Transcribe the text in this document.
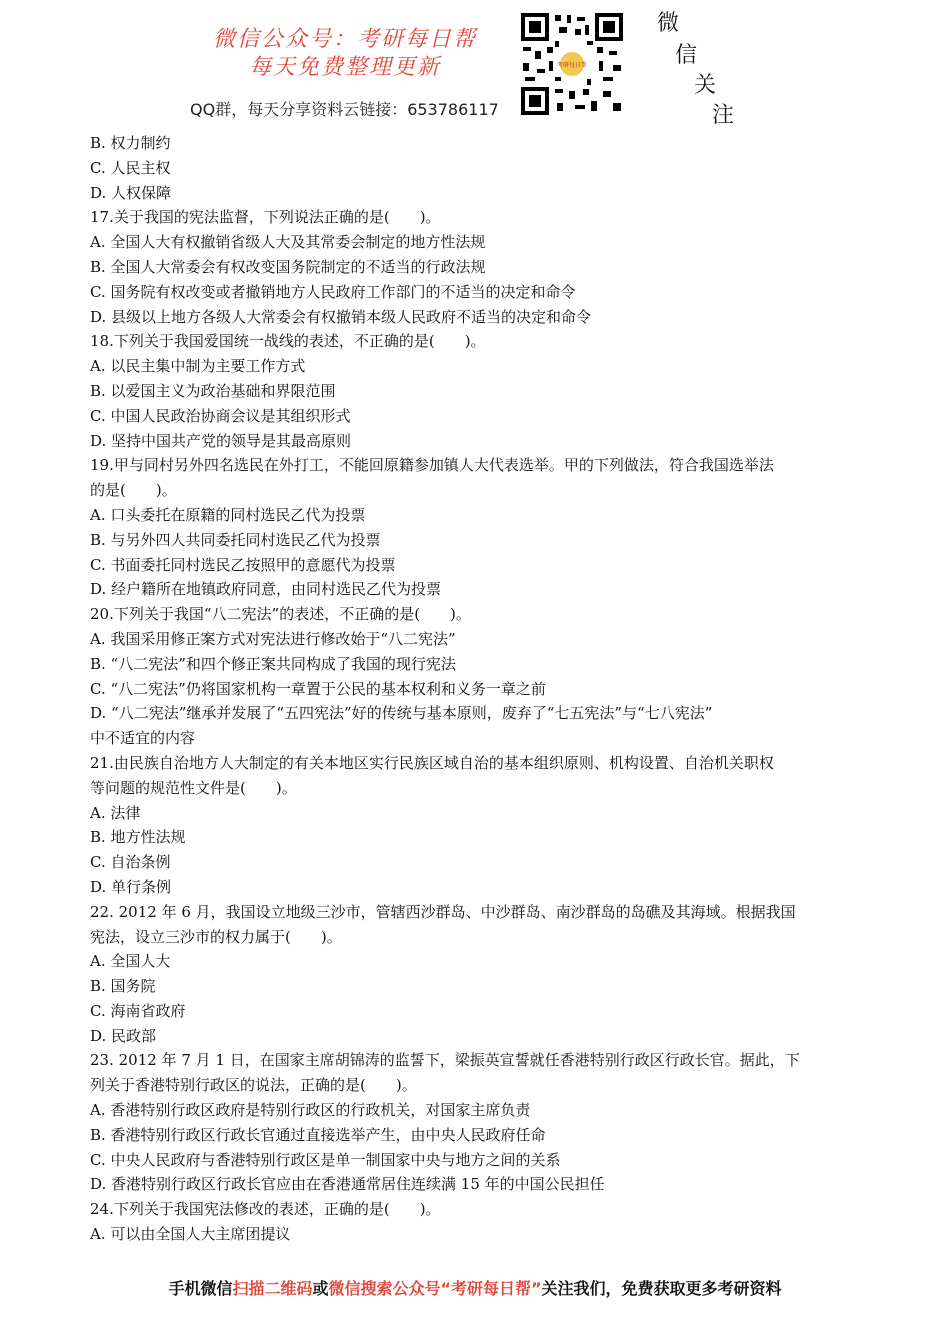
微信公众号：考研每日帮
每天免费整理更新
QQ群，每天分享资料云链接：653786117
考研每日帮
微
信
关
注
B. 权力制约
C. 人民主权
D. 人权保障
17.关于我国的宪法监督，下列说法正确的是(　　)。
A. 全国人大有权撤销省级人大及其常委会制定的地方性法规
B. 全国人大常委会有权改变国务院制定的不适当的行政法规
C. 国务院有权改变或者撤销地方人民政府工作部门的不适当的决定和命令
D. 县级以上地方各级人大常委会有权撤销本级人民政府不适当的决定和命令
18.下列关于我国爱国统一战线的表述，不正确的是(　　)。
A. 以民主集中制为主要工作方式
B. 以爱国主义为政治基础和界限范围
C. 中国人民政治协商会议是其组织形式
D. 坚持中国共产党的领导是其最高原则
19.甲与同村另外四名选民在外打工，不能回原籍参加镇人大代表选举。甲的下列做法，符合我国选举法
的是(　　)。
A. 口头委托在原籍的同村选民乙代为投票
B. 与另外四人共同委托同村选民乙代为投票
C. 书面委托同村选民乙按照甲的意愿代为投票
D. 经户籍所在地镇政府同意，由同村选民乙代为投票
20.下列关于我国“八二宪法”的表述，不正确的是(　　)。
A. 我国采用修正案方式对宪法进行修改始于“八二宪法”
B. “八二宪法”和四个修正案共同构成了我国的现行宪法
C. “八二宪法”仍将国家机构一章置于公民的基本权利和义务一章之前
D. “八二宪法”继承并发展了“五四宪法”好的传统与基本原则，废弃了“七五宪法”与“七八宪法”
中不适宜的内容
21.由民族自治地方人大制定的有关本地区实行民族区域自治的基本组织原则、机构设置、自治机关职权
等问题的规范性文件是(　　)。
A. 法律
B. 地方性法规
C. 自治条例
D. 单行条例
22. 2012 年 6 月，我国设立地级三沙市，管辖西沙群岛、中沙群岛、南沙群岛的岛礁及其海域。根据我国
宪法，设立三沙市的权力属于(　　)。
A. 全国人大
B. 国务院
C. 海南省政府
D. 民政部
23. 2012 年 7 月 1 日，在国家主席胡锦涛的监誓下，梁振英宣誓就任香港特别行政区行政长官。据此，下
列关于香港特别行政区的说法，正确的是(　　)。
A. 香港特别行政区政府是特别行政区的行政机关，对国家主席负责
B. 香港特别行政区行政长官通过直接选举产生，由中央人民政府任命
C. 中央人民政府与香港特别行政区是单一制国家中央与地方之间的关系
D. 香港特别行政区行政长官应由在香港通常居住连续满 15 年的中国公民担任
24.下列关于我国宪法修改的表述，正确的是(　　)。
A. 可以由全国人大主席团提议
手机微信扫描二维码或微信搜索公众号“考研每日帮”关注我们，免费获取更多考研资料
